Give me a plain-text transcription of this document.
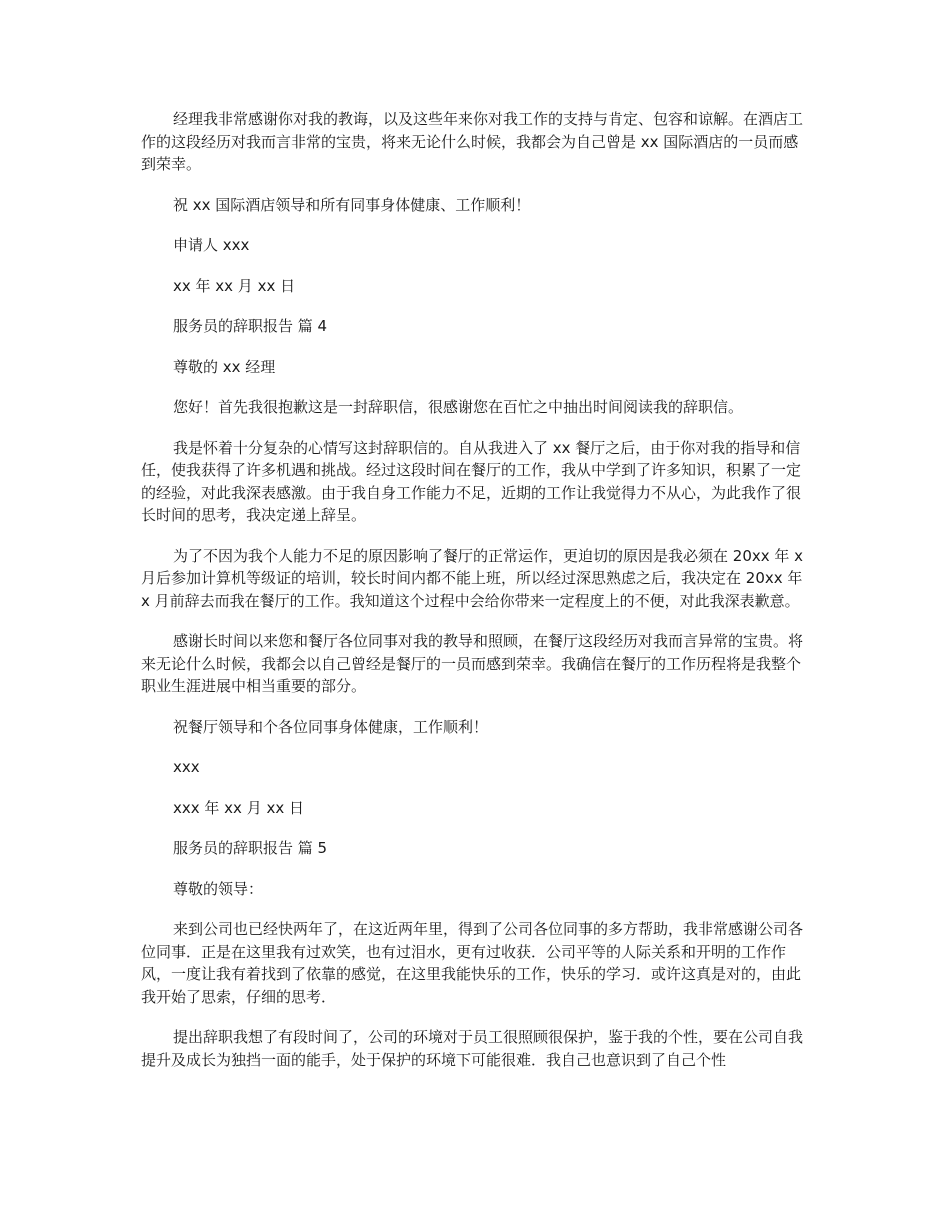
经理我非常感谢你对我的教诲，以及这些年来你对我工作的支持与肯定、包容和谅解。在酒店工作的这段经历对我而言非常的宝贵，将来无论什么时候，我都会为自己曾是 xx 国际酒店的一员而感到荣幸。

祝 xx 国际酒店领导和所有同事身体健康、工作顺利！

申请人 xxx

xx 年 xx 月 xx 日

服务员的辞职报告 篇 4

尊敬的 xx 经理

您好！首先我很抱歉这是一封辞职信，很感谢您在百忙之中抽出时间阅读我的辞职信。

我是怀着十分复杂的心情写这封辞职信的。自从我进入了 xx 餐厅之后，由于你对我的指导和信任，使我获得了许多机遇和挑战。经过这段时间在餐厅的工作，我从中学到了许多知识，积累了一定的经验，对此我深表感激。由于我自身工作能力不足，近期的工作让我觉得力不从心，为此我作了很长时间的思考，我决定递上辞呈。

为了不因为我个人能力不足的原因影响了餐厅的正常运作，更迫切的原因是我必须在 20xx 年 x 月后参加计算机等级证的培训，较长时间内都不能上班，所以经过深思熟虑之后，我决定在 20xx 年 x 月前辞去而我在餐厅的工作。我知道这个过程中会给你带来一定程度上的不便，对此我深表歉意。

感谢长时间以来您和餐厅各位同事对我的教导和照顾，在餐厅这段经历对我而言异常的宝贵。将来无论什么时候，我都会以自己曾经是餐厅的一员而感到荣幸。我确信在餐厅的工作历程将是我整个职业生涯进展中相当重要的部分。

祝餐厅领导和个各位同事身体健康，工作顺利！

xxx

xxx 年 xx 月 xx 日

服务员的辞职报告 篇 5

尊敬的领导：

来到公司也已经快两年了，在这近两年里，得到了公司各位同事的多方帮助，我非常感谢公司各位同事．正是在这里我有过欢笑，也有过泪水，更有过收获．公司平等的人际关系和开明的工作作风，一度让我有着找到了依靠的感觉，在这里我能快乐的工作，快乐的学习．或许这真是对的，由此我开始了思索，仔细的思考．

提出辞职我想了有段时间了，公司的环境对于员工很照顾很保护，鉴于我的个性，要在公司自我提升及成长为独挡一面的能手，处于保护的环境下可能很难．我自己也意识到了自己个性
